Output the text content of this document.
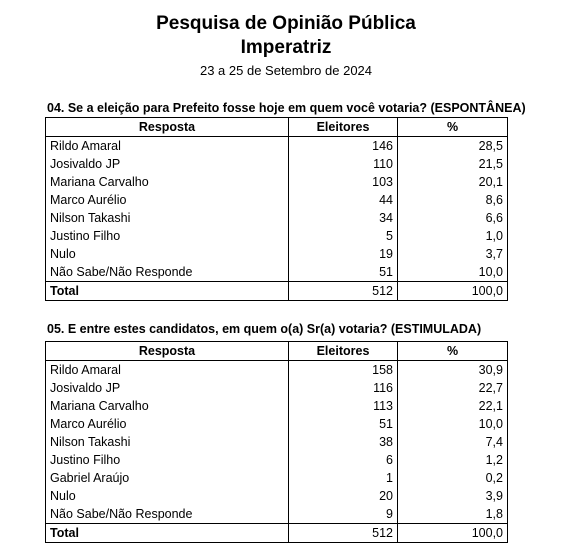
Pesquisa de Opinião Pública
Imperatriz
23 a 25 de Setembro de 2024
04. Se a eleição para Prefeito fosse hoje em quem você votaria? (ESPONTÂNEA)
Resposta	Eleitores	%
Rildo Amaral	146	28,5
Josivaldo JP	110	21,5
Mariana Carvalho	103	20,1
Marco Aurélio	44	8,6
Nilson Takashi	34	6,6
Justino Filho	5	1,0
Nulo	19	3,7
Não Sabe/Não Responde	51	10,0
Total	512	100,0
05. E entre estes candidatos, em quem o(a) Sr(a) votaria? (ESTIMULADA)
Resposta	Eleitores	%
Rildo Amaral	158	30,9
Josivaldo JP	116	22,7
Mariana Carvalho	113	22,1
Marco Aurélio	51	10,0
Nilson Takashi	38	7,4
Justino Filho	6	1,2
Gabriel Araújo	1	0,2
Nulo	20	3,9
Não Sabe/Não Responde	9	1,8
Total	512	100,0
